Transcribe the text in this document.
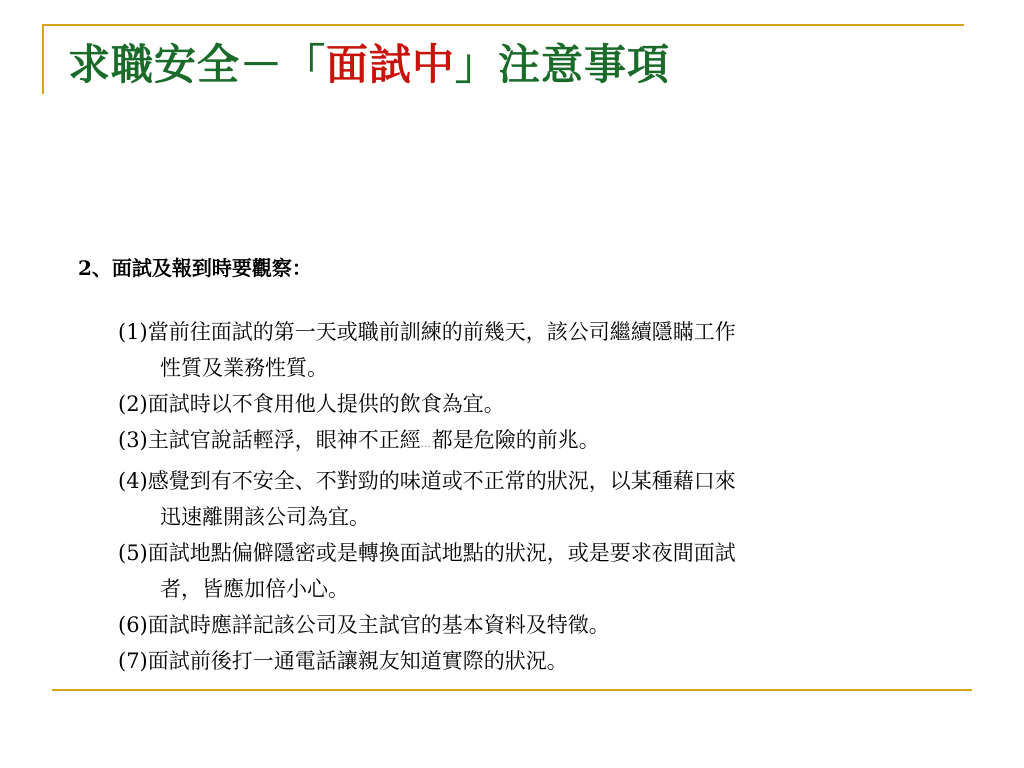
求職安全－「面試中」注意事項
2、面試及報到時要觀察：
(1)當前往面試的第一天或職前訓練的前幾天，該公司繼續隱瞞工作
性質及業務性質。
(2)面試時以不食用他人提供的飲食為宜。
(3)主試官說話輕浮，眼神不正經…都是危險的前兆。
(4)感覺到有不安全、不對勁的味道或不正常的狀況，以某種藉口來
迅速離開該公司為宜。
(5)面試地點偏僻隱密或是轉換面試地點的狀況，或是要求夜間面試
者，皆應加倍小心。
(6)面試時應詳記該公司及主試官的基本資料及特徵。
(7)面試前後打一通電話讓親友知道實際的狀況。
